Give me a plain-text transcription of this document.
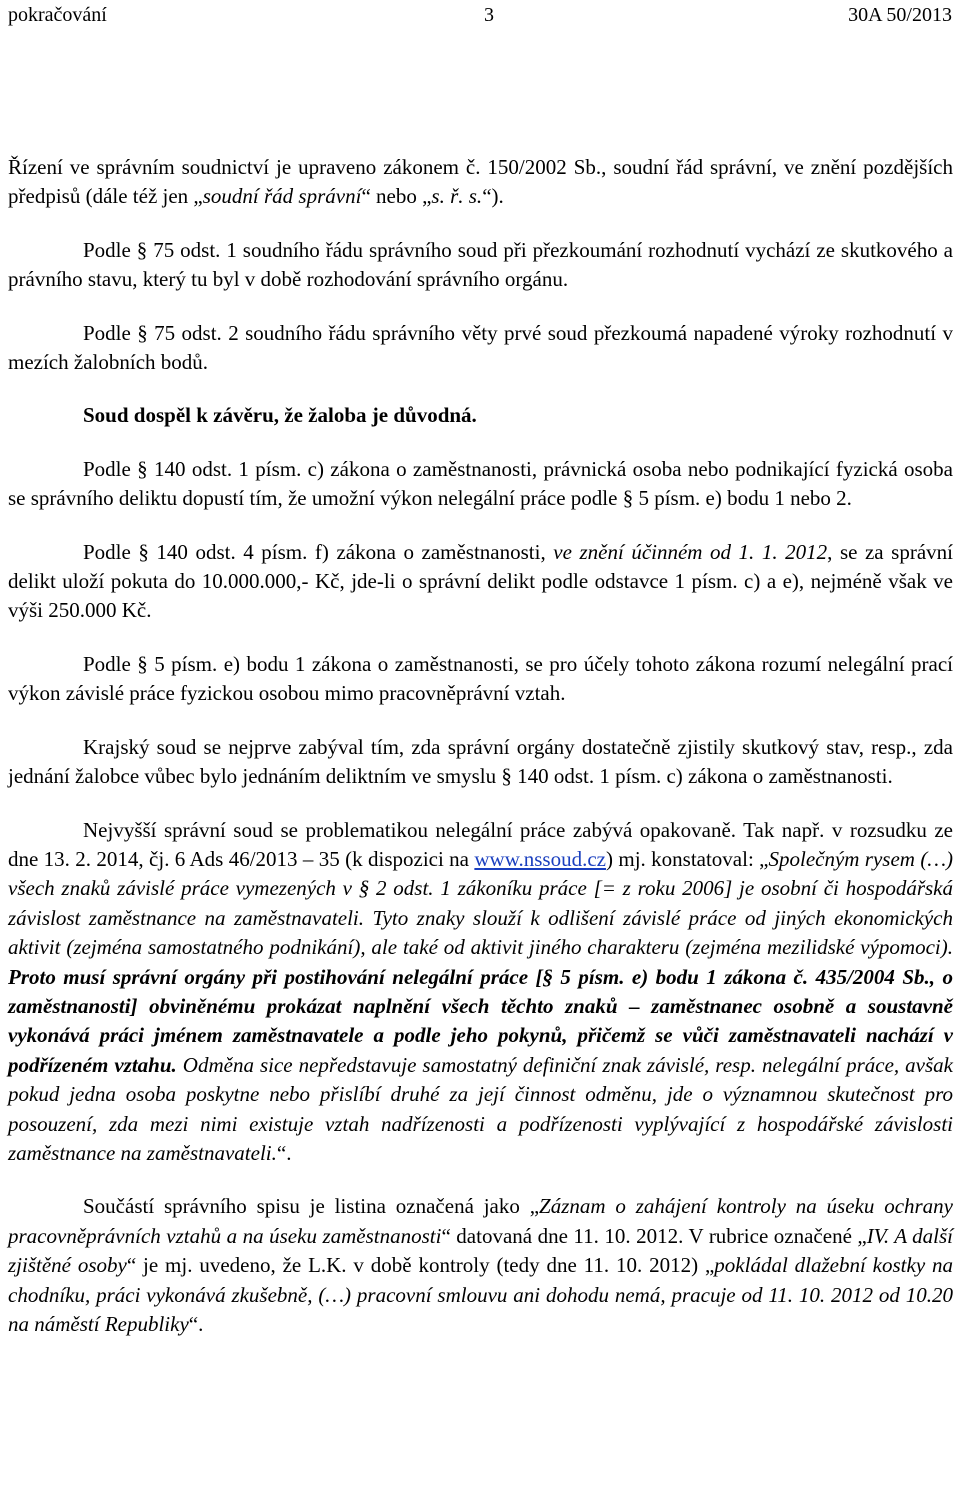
pokračování	3	30A 50/2013

Řízení ve správním soudnictví je upraveno zákonem č. 150/2002 Sb., soudní řád správní, ve znění pozdějších předpisů (dále též jen „soudní řád správní“ nebo „s. ř. s.“).

Podle § 75 odst. 1 soudního řádu správního soud při přezkoumání rozhodnutí vychází ze skutkového a právního stavu, který tu byl v době rozhodování správního orgánu.

Podle § 75 odst. 2 soudního řádu správního věty prvé soud přezkoumá napadené výroky rozhodnutí v mezích žalobních bodů.

Soud dospěl k závěru, že žaloba je důvodná.

Podle § 140 odst. 1 písm. c) zákona o zaměstnanosti, právnická osoba nebo podnikající fyzická osoba se správního deliktu dopustí tím, že umožní výkon nelegální práce podle § 5 písm. e) bodu 1 nebo 2.

Podle § 140 odst. 4 písm. f) zákona o zaměstnanosti, ve znění účinném od 1. 1. 2012, se za správní delikt uloží pokuta do 10.000.000,- Kč, jde-li o správní delikt podle odstavce 1 písm. c) a e), nejméně však ve výši 250.000 Kč.

Podle § 5 písm. e) bodu 1 zákona o zaměstnanosti, se pro účely tohoto zákona rozumí nelegální prací výkon závislé práce fyzickou osobou mimo pracovněprávní vztah.

Krajský soud se nejprve zabýval tím, zda správní orgány dostatečně zjistily skutkový stav, resp., zda jednání žalobce vůbec bylo jednáním deliktním ve smyslu § 140 odst. 1 písm. c) zákona o zaměstnanosti.

Nejvyšší správní soud se problematikou nelegální práce zabývá opakovaně. Tak např. v rozsudku ze dne 13. 2. 2014, čj. 6 Ads 46/2013 – 35 (k dispozici na www.nssoud.cz) mj. konstatoval: „Společným rysem (…) všech znaků závislé práce vymezených v § 2 odst. 1 zákoníku práce [= z roku 2006] je osobní či hospodářská závislost zaměstnance na zaměstnavateli. Tyto znaky slouží k odlišení závislé práce od jiných ekonomických aktivit (zejména samostatného podnikání), ale také od aktivit jiného charakteru (zejména mezilidské výpomoci). Proto musí správní orgány při postihování nelegální práce [§ 5 písm. e) bodu 1 zákona č. 435/2004 Sb., o zaměstnanosti] obviněnému prokázat naplnění všech těchto znaků – zaměstnanec osobně a soustavně vykonává práci jménem zaměstnavatele a podle jeho pokynů, přičemž se vůči zaměstnavateli nachází v podřízeném vztahu. Odměna sice nepředstavuje samostatný definiční znak závislé, resp. nelegální práce, avšak pokud jedna osoba poskytne nebo přislíbí druhé za její činnost odměnu, jde o významnou skutečnost pro posouzení, zda mezi nimi existuje vztah nadřízenosti a podřízenosti vyplývající z hospodářské závislosti zaměstnance na zaměstnavateli.“.

Součástí správního spisu je listina označená jako „Záznam o zahájení kontroly na úseku ochrany pracovněprávních vztahů a na úseku zaměstnanosti“ datovaná dne 11. 10. 2012. V rubrice označené „IV. A další zjištěné osoby“ je mj. uvedeno, že L.K. v době kontroly (tedy dne 11. 10. 2012) „pokládal dlažební kostky na chodníku, práci vykonává zkušebně, (…) pracovní smlouvu ani dohodu nemá, pracuje od 11. 10. 2012 od 10.20 na náměstí Republiky“.
